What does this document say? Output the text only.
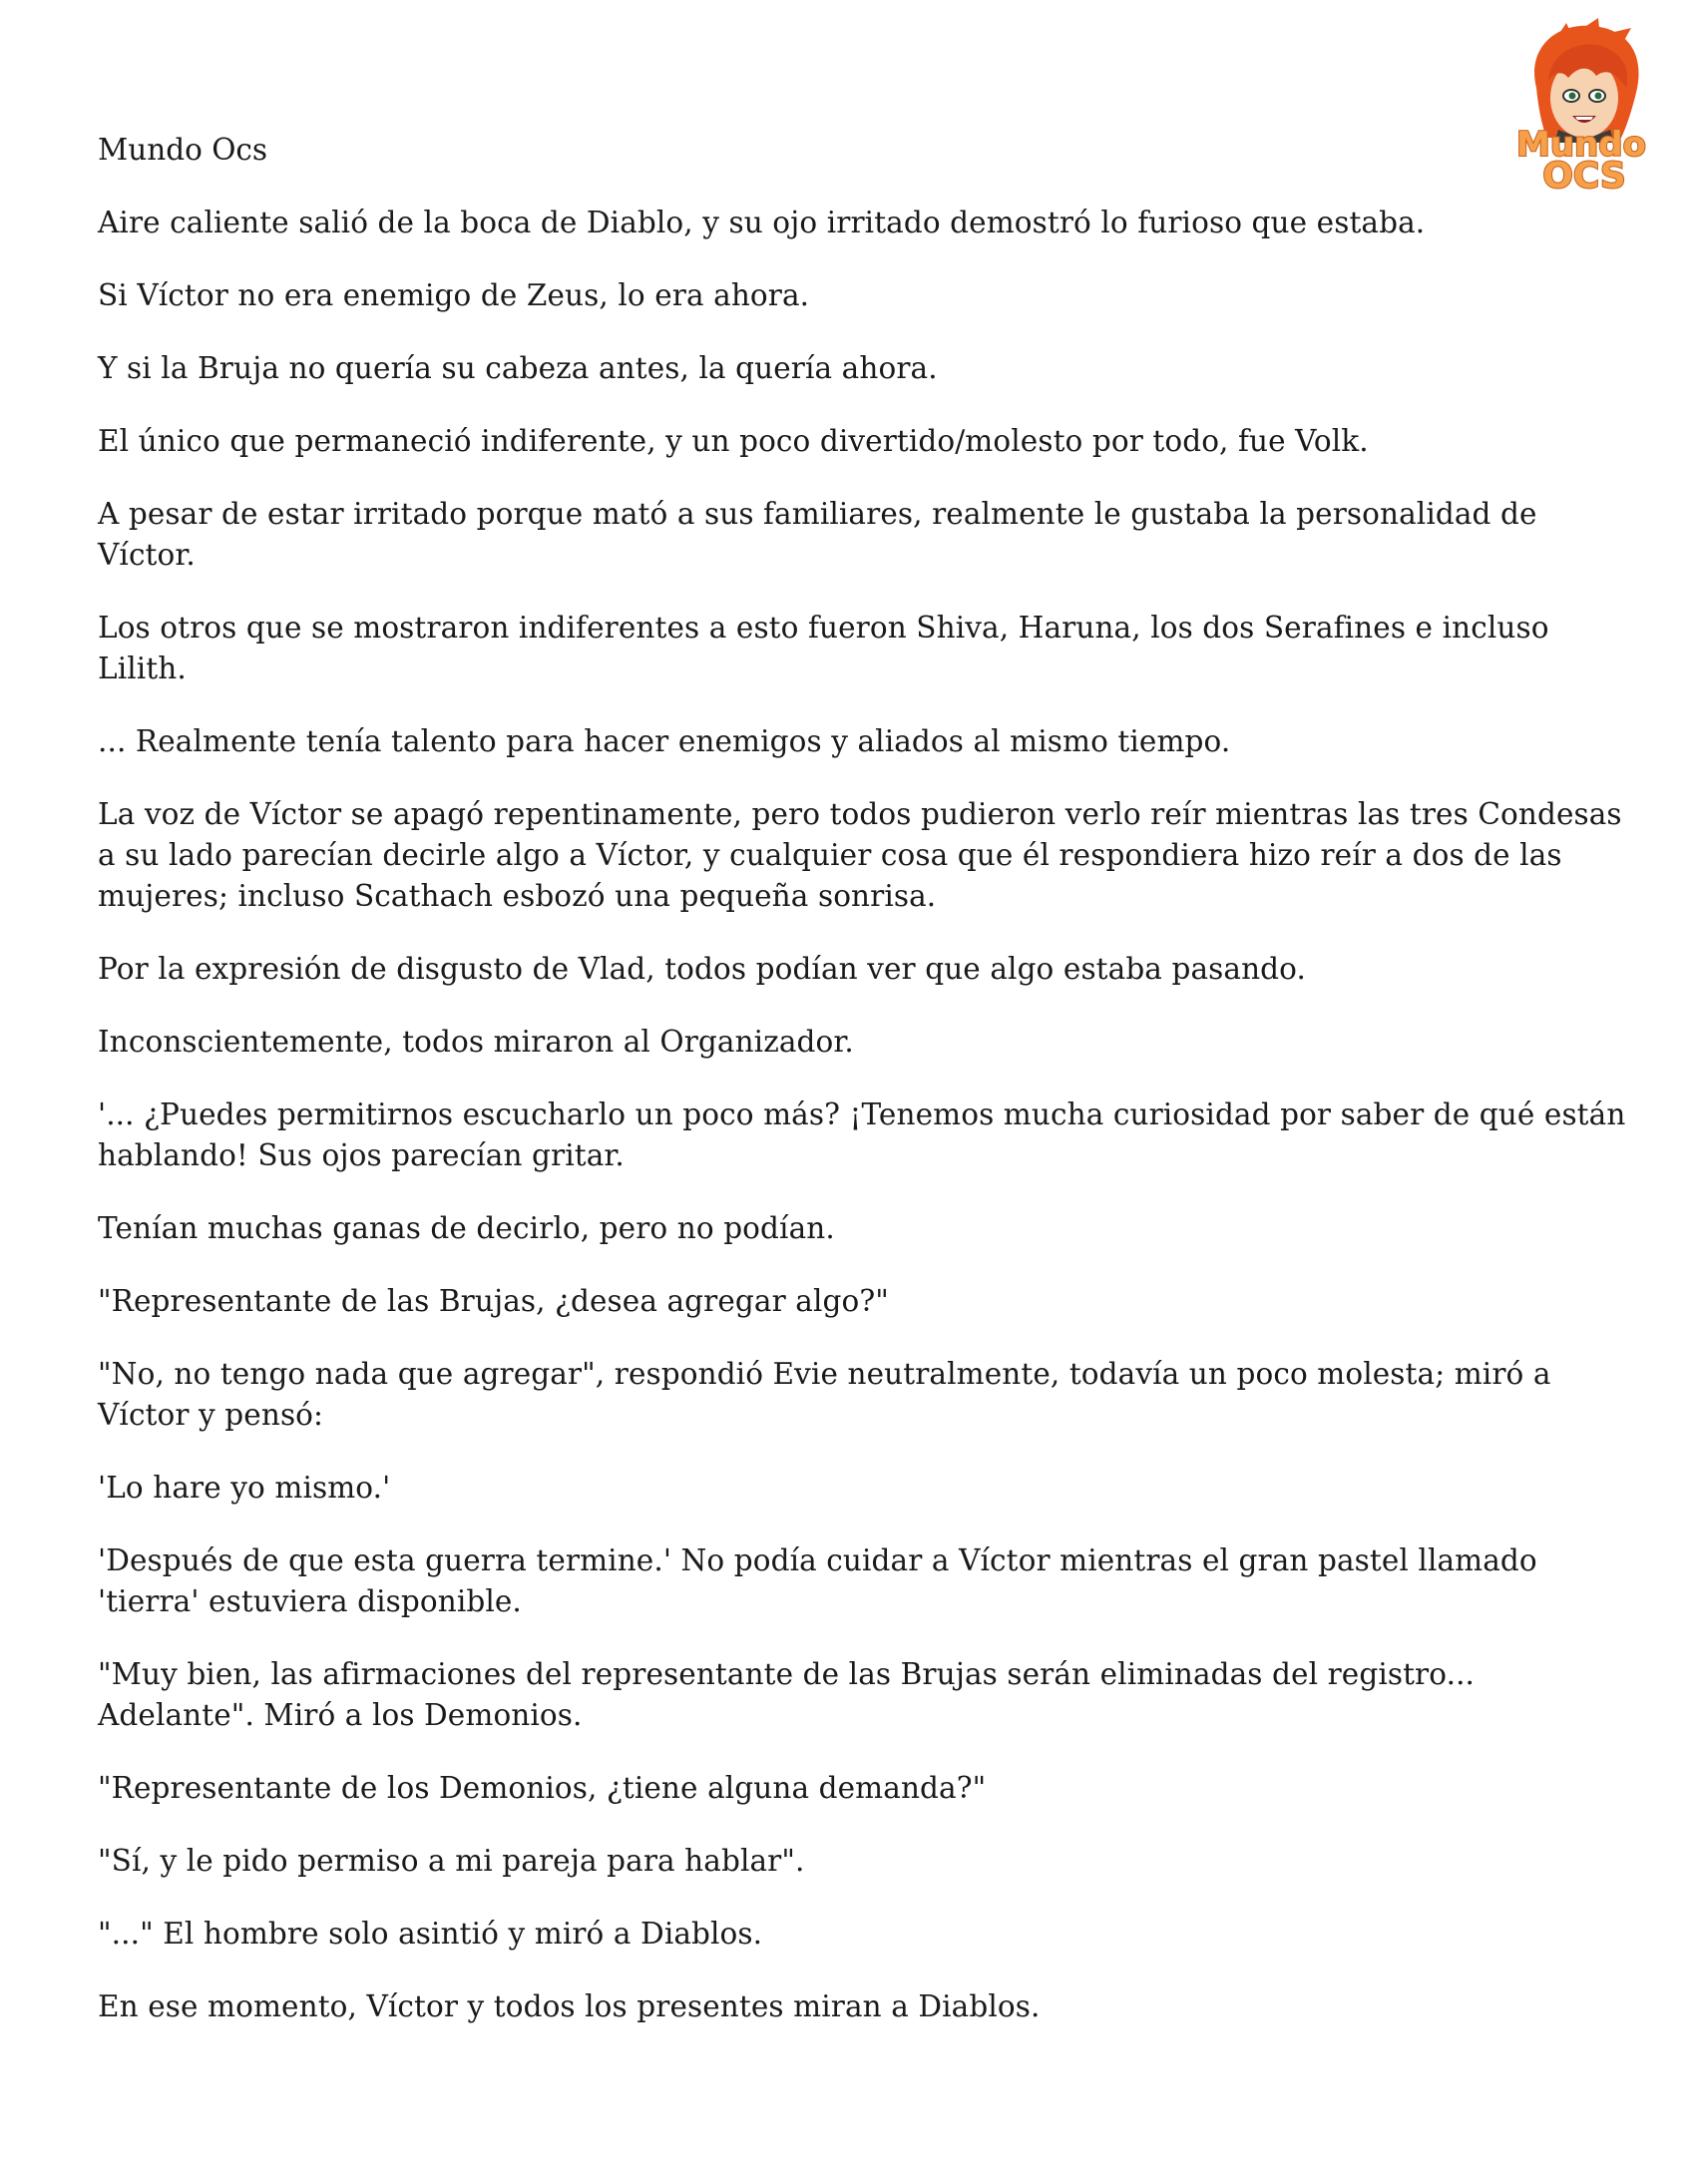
Mundo
OCS

Mundo Ocs

Aire caliente salió de la boca de Diablo, y su ojo irritado demostró lo furioso que estaba.

Si Víctor no era enemigo de Zeus, lo era ahora.

Y si la Bruja no quería su cabeza antes, la quería ahora.

El único que permaneció indiferente, y un poco divertido/molesto por todo, fue Volk.

A pesar de estar irritado porque mató a sus familiares, realmente le gustaba la personalidad de Víctor.

Los otros que se mostraron indiferentes a esto fueron Shiva, Haruna, los dos Serafines e incluso Lilith.

... Realmente tenía talento para hacer enemigos y aliados al mismo tiempo.

La voz de Víctor se apagó repentinamente, pero todos pudieron verlo reír mientras las tres Condesas a su lado parecían decirle algo a Víctor, y cualquier cosa que él respondiera hizo reír a dos de las mujeres; incluso Scathach esbozó una pequeña sonrisa.

Por la expresión de disgusto de Vlad, todos podían ver que algo estaba pasando.

Inconscientemente, todos miraron al Organizador.

'... ¿Puedes permitirnos escucharlo un poco más? ¡Tenemos mucha curiosidad por saber de qué están hablando! Sus ojos parecían gritar.

Tenían muchas ganas de decirlo, pero no podían.

"Representante de las Brujas, ¿desea agregar algo?"

"No, no tengo nada que agregar", respondió Evie neutralmente, todavía un poco molesta; miró a Víctor y pensó:

'Lo hare yo mismo.'

'Después de que esta guerra termine.' No podía cuidar a Víctor mientras el gran pastel llamado 'tierra' estuviera disponible.

"Muy bien, las afirmaciones del representante de las Brujas serán eliminadas del registro... Adelante". Miró a los Demonios.

"Representante de los Demonios, ¿tiene alguna demanda?"

"Sí, y le pido permiso a mi pareja para hablar".

"..." El hombre solo asintió y miró a Diablos.

En ese momento, Víctor y todos los presentes miran a Diablos.
